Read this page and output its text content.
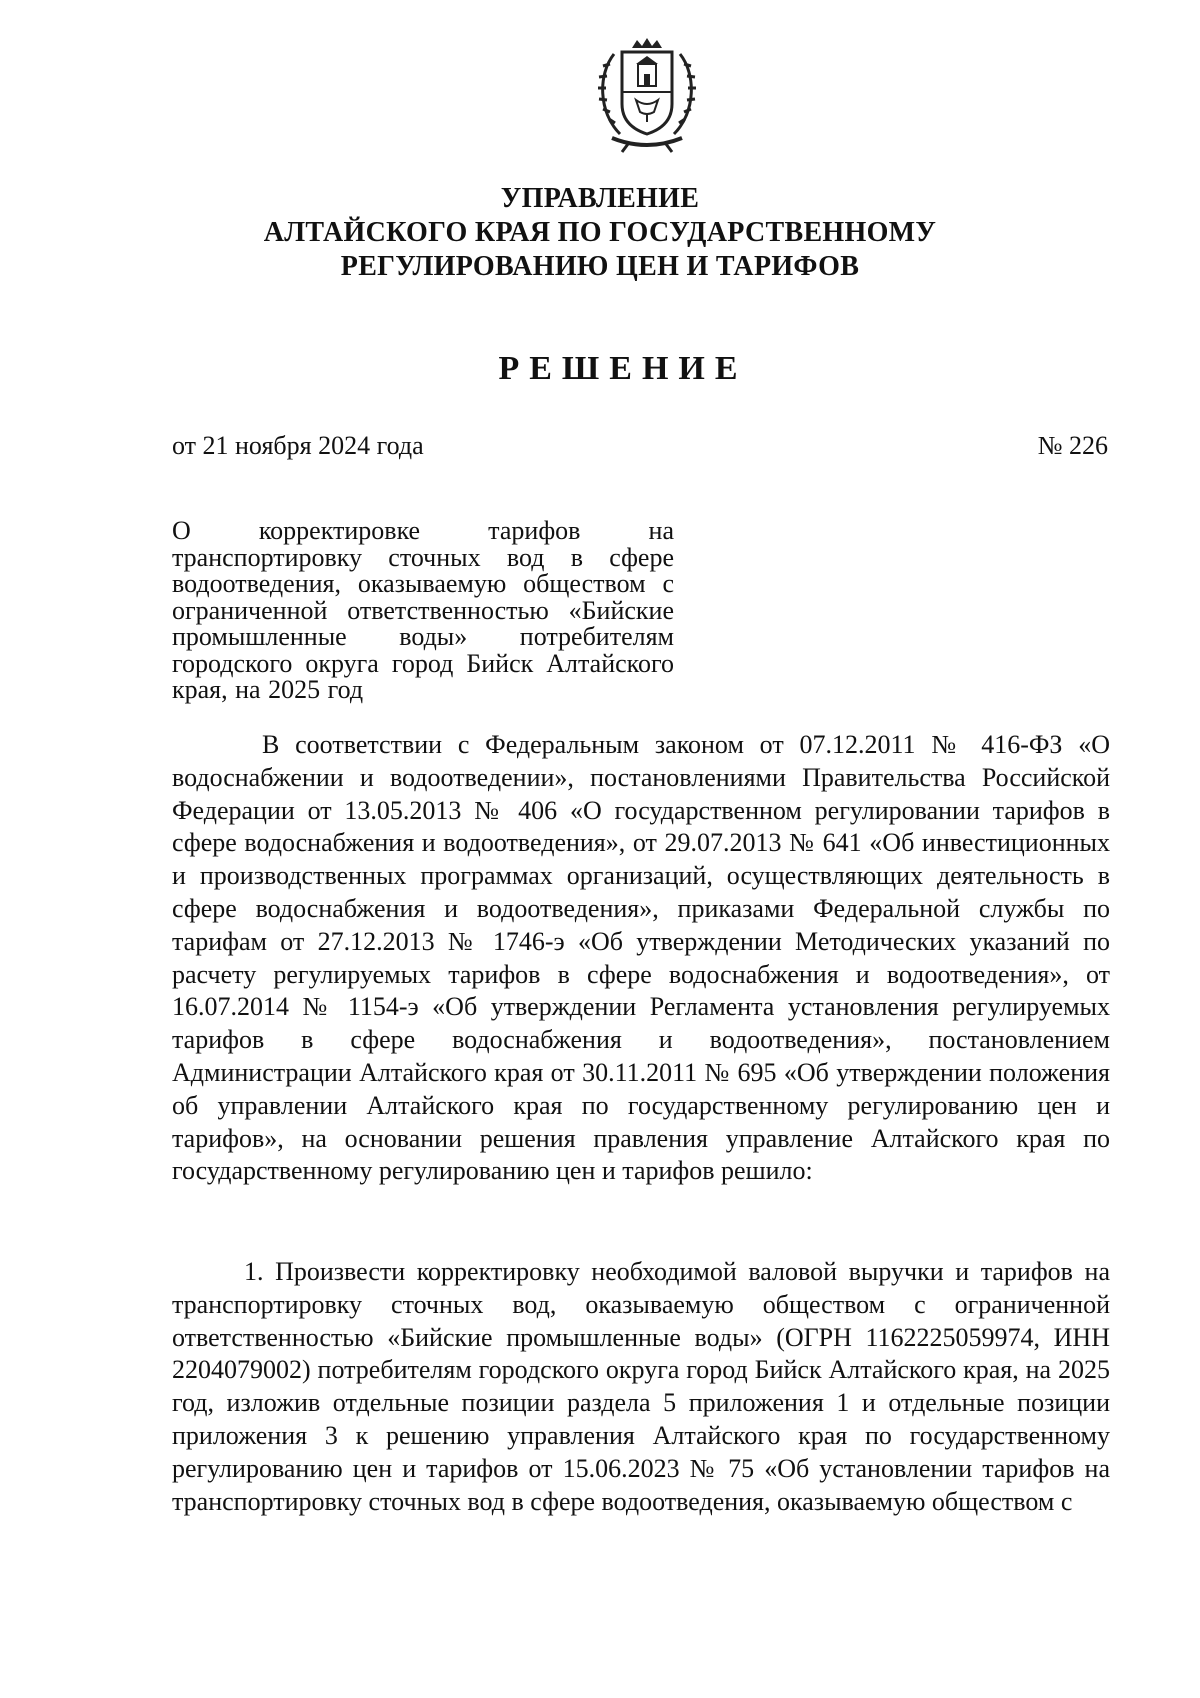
УПРАВЛЕНИЕ
АЛТАЙСКОГО КРАЯ ПО ГОСУДАРСТВЕННОМУ
РЕГУЛИРОВАНИЮ ЦЕН И ТАРИФОВ
РЕШЕНИЕ
от 21 ноября 2024 года	№ 226
О корректировке тарифов на транспортировку сточных вод в сфере водоотведения, оказываемую обществом с ограниченной ответственностью «Бийские промышленные воды» потребителям городского округа город Бийск Алтайского края, на 2025 год
В соответствии с Федеральным законом от 07.12.2011 № 416-ФЗ «О водоснабжении и водоотведении», постановлениями Правительства Российской Федерации от 13.05.2013 № 406 «О государственном регулировании тарифов в сфере водоснабжения и водоотведения», от 29.07.2013 № 641 «Об инвестиционных и производственных программах организаций, осуществляющих деятельность в сфере водоснабжения и водоотведения», приказами Федеральной службы по тарифам от 27.12.2013 № 1746-э «Об утверждении Методических указаний по расчету регулируемых тарифов в сфере водоснабжения и водоотведения», от 16.07.2014 № 1154-э «Об утверждении Регламента установления регулируемых тарифов в сфере водоснабжения и водоотведения», постановлением Администрации Алтайского края от 30.11.2011 № 695 «Об утверждении положения об управлении Алтайского края по государственному регулированию цен и тарифов», на основании решения правления управление Алтайского края по государственному регулированию цен и тарифов решило:
1. Произвести корректировку необходимой валовой выручки и тарифов на транспортировку сточных вод, оказываемую обществом с ограниченной ответственностью «Бийские промышленные воды» (ОГРН 1162225059974, ИНН 2204079002) потребителям городского округа город Бийск Алтайского края, на 2025 год, изложив отдельные позиции раздела 5 приложения 1 и отдельные позиции приложения 3 к решению управления Алтайского края по государственному регулированию цен и тарифов от 15.06.2023 № 75 «Об установлении тарифов на транспортировку сточных вод в сфере водоотведения, оказываемую обществом с
